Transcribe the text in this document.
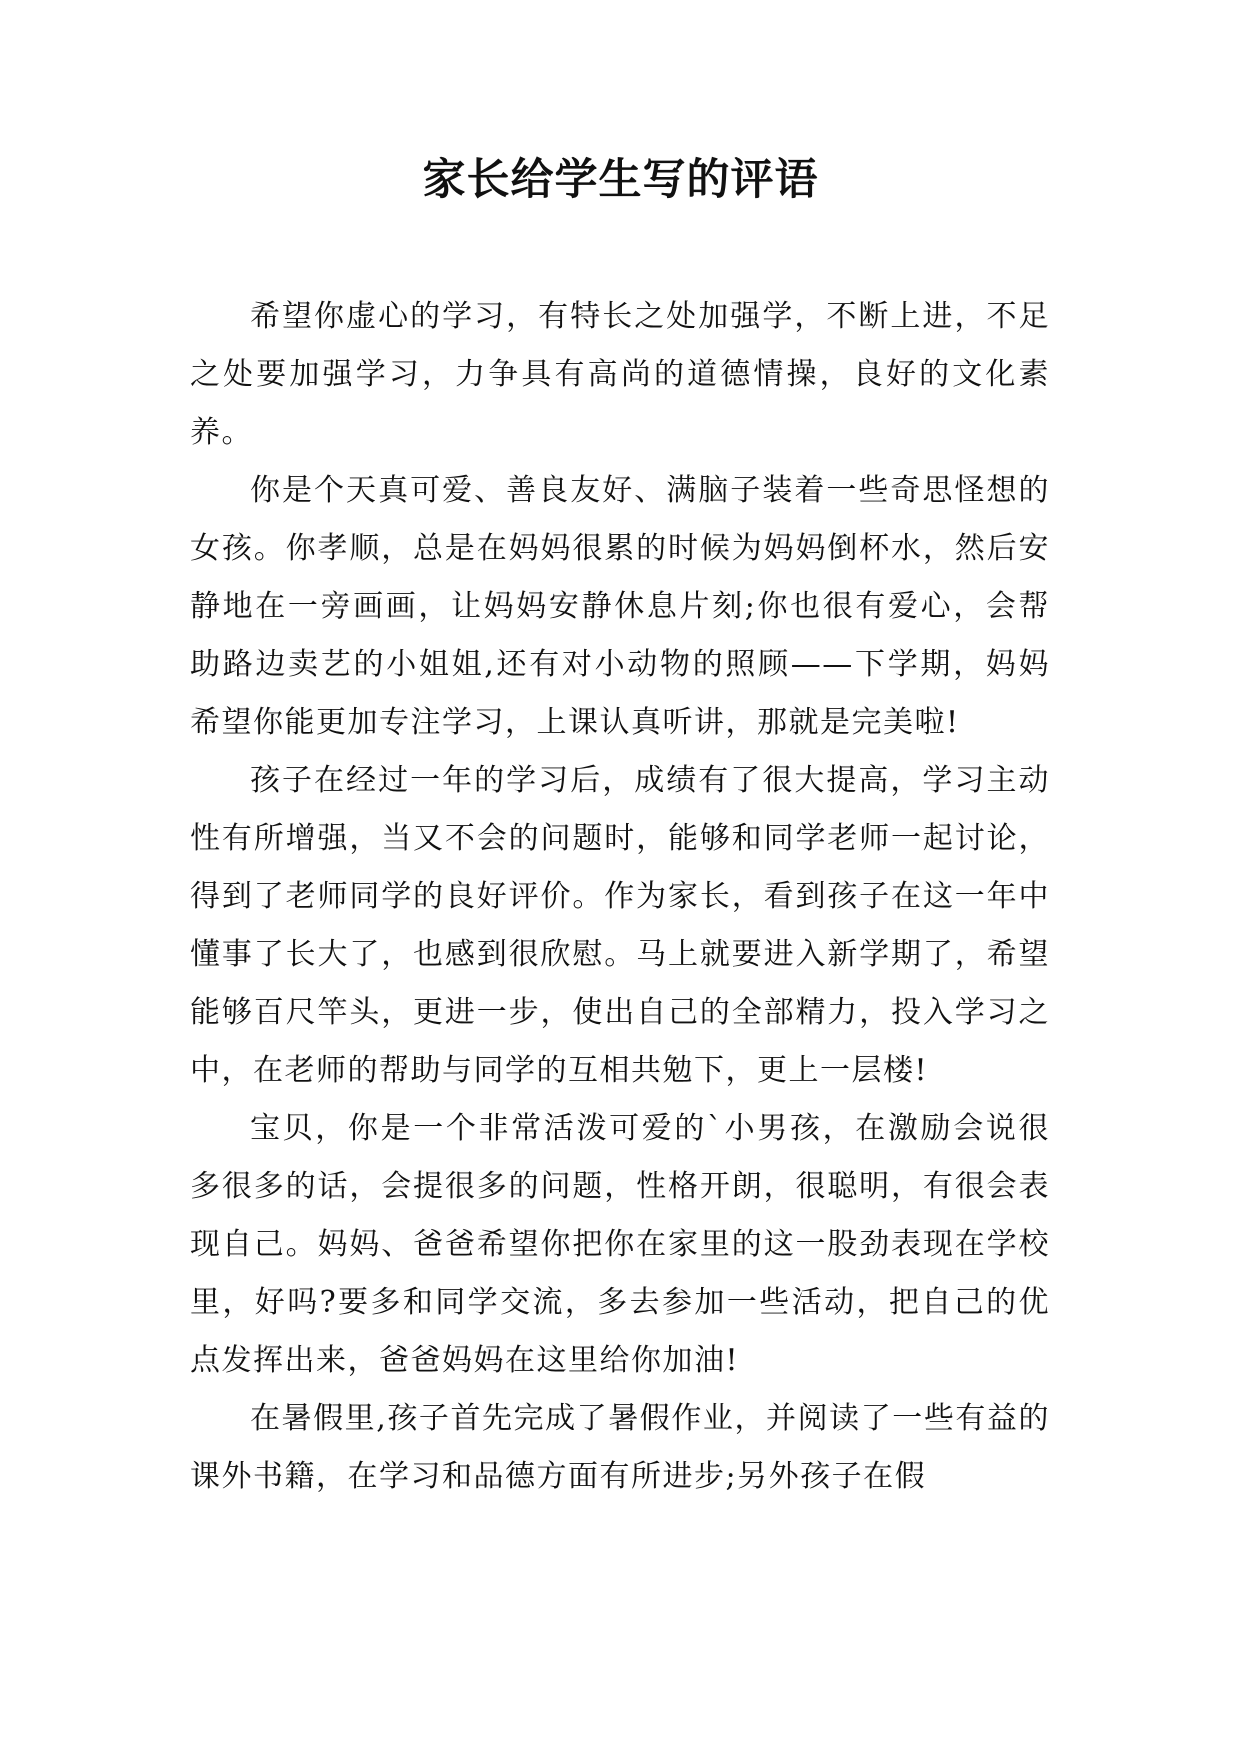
家长给学生写的评语

希望你虚心的学习，有特长之处加强学，不断上进，不足之处要加强学习，力争具有高尚的道德情操，良好的文化素养。

你是个天真可爱、善良友好、满脑子装着一些奇思怪想的女孩。你孝顺，总是在妈妈很累的时候为妈妈倒杯水，然后安静地在一旁画画，让妈妈安静休息片刻;你也很有爱心，会帮助路边卖艺的小姐姐,还有对小动物的照顾——下学期，妈妈希望你能更加专注学习，上课认真听讲，那就是完美啦!

孩子在经过一年的学习后，成绩有了很大提高，学习主动性有所增强，当又不会的问题时，能够和同学老师一起讨论，得到了老师同学的良好评价。作为家长，看到孩子在这一年中懂事了长大了，也感到很欣慰。马上就要进入新学期了，希望能够百尺竿头，更进一步，使出自己的全部精力，投入学习之中，在老师的帮助与同学的互相共勉下，更上一层楼!

宝贝，你是一个非常活泼可爱的`小男孩，在激励会说很多很多的话，会提很多的问题，性格开朗，很聪明，有很会表现自己。妈妈、爸爸希望你把你在家里的这一股劲表现在学校里，好吗?要多和同学交流，多去参加一些活动，把自己的优点发挥出来，爸爸妈妈在这里给你加油!

在暑假里,孩子首先完成了暑假作业，并阅读了一些有益的课外书籍，在学习和品德方面有所进步;另外孩子在假
